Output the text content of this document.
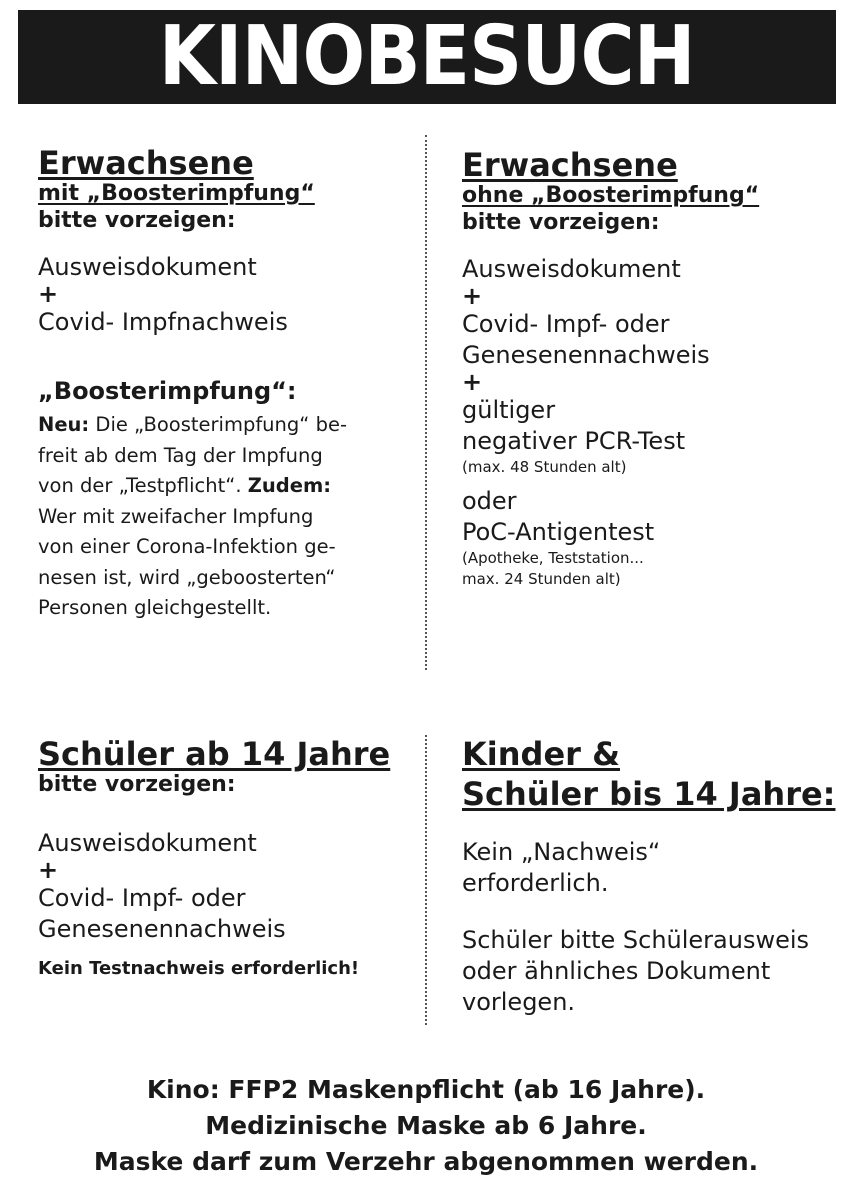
KINOBESUCH
Erwachsene
mit „Boosterimpfung“
bitte vorzeigen:
Ausweisdokument
+
Covid- Impfnachweis
„Boosterimpfung“:
Neu: Die „Boosterimpfung“ be-
freit ab dem Tag der Impfung
von der „Testpflicht“. Zudem:
Wer mit zweifacher Impfung
von einer Corona-Infektion ge-
nesen ist, wird „geboosterten“
Personen gleichgestellt.
Erwachsene
ohne „Boosterimpfung“
bitte vorzeigen:
Ausweisdokument
+
Covid- Impf- oder
Genesenennachweis
+
gültiger
negativer PCR-Test
(max. 48 Stunden alt)
oder
PoC-Antigentest
(Apotheke, Teststation...
max. 24 Stunden alt)
Schüler ab 14 Jahre
bitte vorzeigen:
Ausweisdokument
+
Covid- Impf- oder
Genesenennachweis
Kein Testnachweis erforderlich!
Kinder &
Schüler bis 14 Jahre:
Kein „Nachweis“
erforderlich.
Schüler bitte Schülerausweis
oder ähnliches Dokument
vorlegen.
Kino: FFP2 Maskenpflicht (ab 16 Jahre).
Medizinische Maske ab 6 Jahre.
Maske darf zum Verzehr abgenommen werden.
